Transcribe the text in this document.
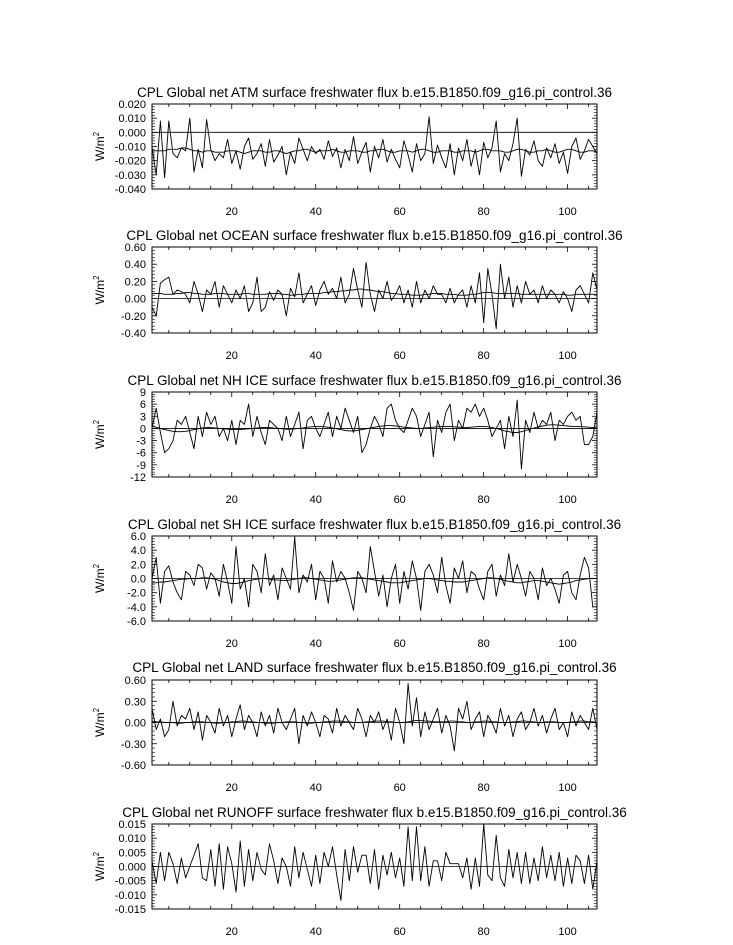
CPL Global net ATM surface freshwater flux b.e15.B1850.f09_g16.pi_control.36
20	40	60	80	100
0.020
0.010
0.000
-0.010
-0.020
-0.030
-0.040
$W/m^2$
CPL Global net OCEAN surface freshwater flux b.e15.B1850.f09_g16.pi_control.36
20	40	60	80	100
0.60
0.40
0.20
0.00
-0.20
-0.40
$W/m^2$
CPL Global net NH ICE surface freshwater flux b.e15.B1850.f09_g16.pi_control.36
20	40	60	80	100
9
6
3
0
-3
-6
-9
-12
$W/m^2$
CPL Global net SH ICE surface freshwater flux b.e15.B1850.f09_g16.pi_control.36
20	40	60	80	100
6.0
4.0
2.0
0.0
-2.0
-4.0
-6.0
$W/m^2$
CPL Global net LAND surface freshwater flux b.e15.B1850.f09_g16.pi_control.36
20	40	60	80	100
0.60
0.30
0.00
-0.30
-0.60
$W/m^2$
CPL Global net RUNOFF surface freshwater flux b.e15.B1850.f09_g16.pi_control.36
20	40	60	80	100
0.015
0.010
0.005
0.000
-0.005
-0.010
-0.015
$W/m^2$
